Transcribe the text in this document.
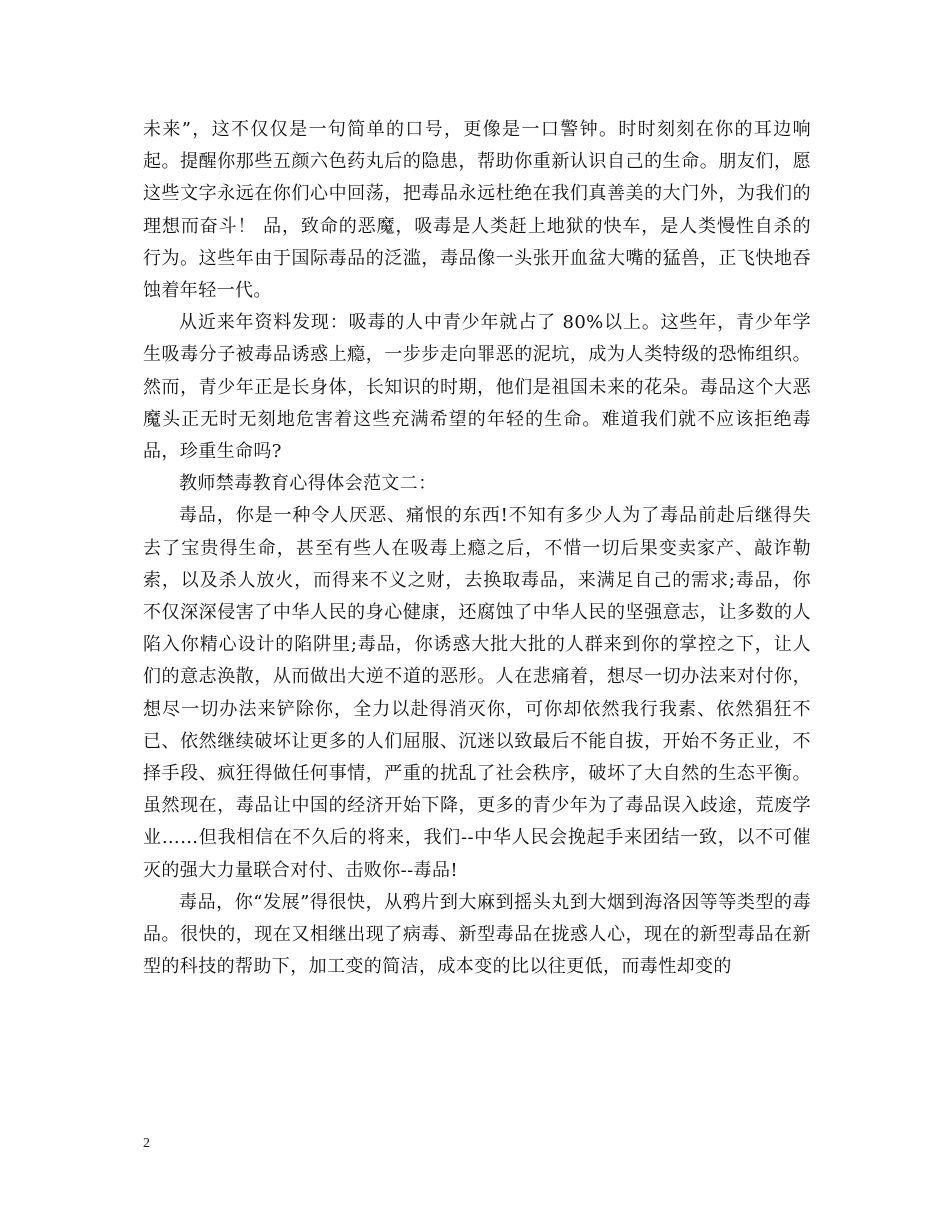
未来”，这不仅仅是一句简单的口号，更像是一口警钟。时时刻刻在你的耳边响起。提醒你那些五颜六色药丸后的隐患，帮助你重新认识自己的生命。朋友们，愿这些文字永远在你们心中回荡，把毒品永远杜绝在我们真善美的大门外，为我们的理想而奋斗！ 品，致命的恶魔，吸毒是人类赶上地狱的快车，是人类慢性自杀的行为。这些年由于国际毒品的泛滥，毒品像一头张开血盆大嘴的猛兽，正飞快地吞蚀着年轻一代。

从近来年资料发现：吸毒的人中青少年就占了 80%以上。这些年，青少年学生吸毒分子被毒品诱惑上瘾，一步步走向罪恶的泥坑，成为人类特级的恐怖组织。然而，青少年正是长身体，长知识的时期，他们是祖国未来的花朵。毒品这个大恶魔头正无时无刻地危害着这些充满希望的年轻的生命。难道我们就不应该拒绝毒品，珍重生命吗?

教师禁毒教育心得体会范文二：

毒品，你是一种令人厌恶、痛恨的东西!不知有多少人为了毒品前赴后继得失去了宝贵得生命，甚至有些人在吸毒上瘾之后，不惜一切后果变卖家产、敲诈勒索，以及杀人放火，而得来不义之财，去换取毒品，来满足自己的需求;毒品，你不仅深深侵害了中华人民的身心健康，还腐蚀了中华人民的坚强意志，让多数的人陷入你精心设计的陷阱里;毒品，你诱惑大批大批的人群来到你的掌控之下，让人们的意志涣散，从而做出大逆不道的恶形。人在悲痛着，想尽一切办法来对付你，想尽一切办法来铲除你，全力以赴得消灭你，可你却依然我行我素、依然猖狂不已、依然继续破坏让更多的人们屈服、沉迷以致最后不能自拔，开始不务正业，不择手段、疯狂得做任何事情，严重的扰乱了社会秩序，破坏了大自然的生态平衡。虽然现在，毒品让中国的经济开始下降，更多的青少年为了毒品误入歧途，荒废学业……但我相信在不久后的将来，我们--中华人民会挽起手来团结一致，以不可催灭的强大力量联合对付、击败你--毒品!

毒品，你“发展”得很快，从鸦片到大麻到摇头丸到大烟到海洛因等等类型的毒品。很快的，现在又相继出现了病毒、新型毒品在拢惑人心，现在的新型毒品在新型的科技的帮助下，加工变的简洁，成本变的比以往更低，而毒性却变的

2
